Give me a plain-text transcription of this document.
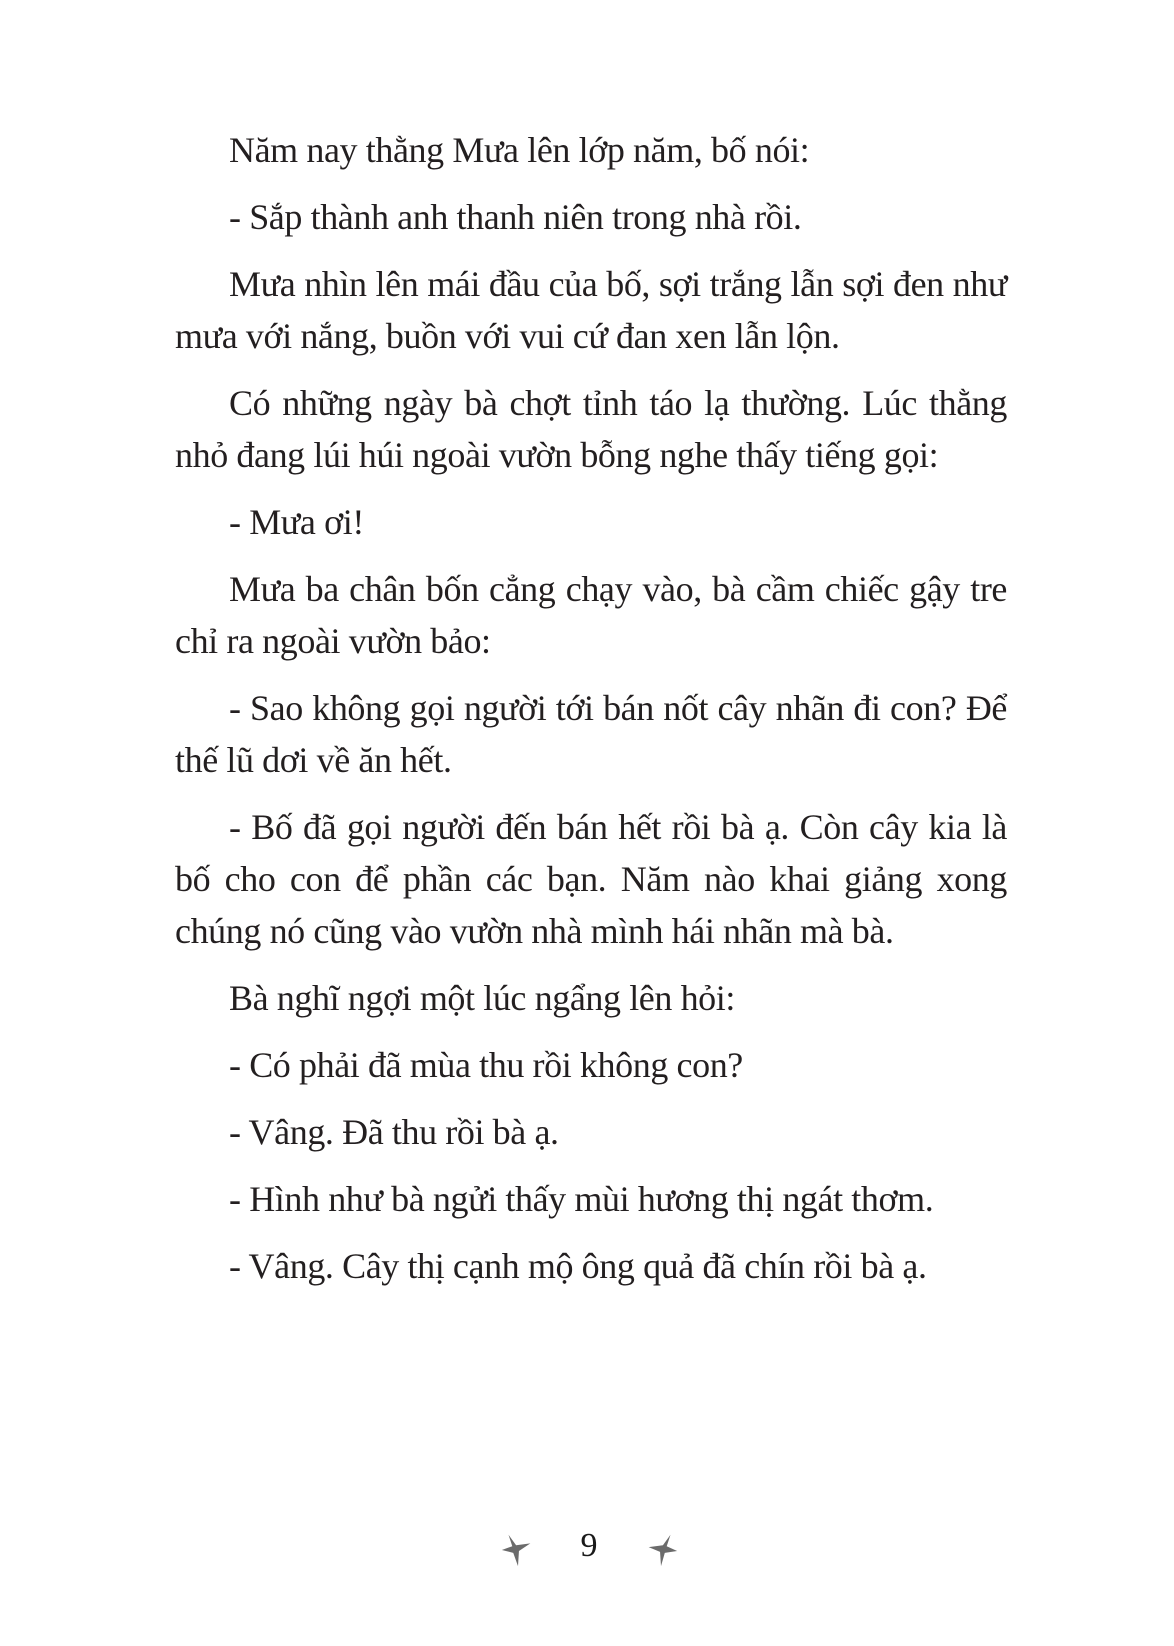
Năm nay thằng Mưa lên lớp năm, bố nói:

- Sắp thành anh thanh niên trong nhà rồi.

Mưa nhìn lên mái đầu của bố, sợi trắng lẫn sợi đen như mưa với nắng, buồn với vui cứ đan xen lẫn lộn.

Có những ngày bà chợt tỉnh táo lạ thường. Lúc thằng nhỏ đang lúi húi ngoài vườn bỗng nghe thấy tiếng gọi:

- Mưa ơi!

Mưa ba chân bốn cẳng chạy vào, bà cầm chiếc gậy tre chỉ ra ngoài vườn bảo:

- Sao không gọi người tới bán nốt cây nhãn đi con? Để thế lũ dơi về ăn hết.

- Bố đã gọi người đến bán hết rồi bà ạ. Còn cây kia là bố cho con để phần các bạn. Năm nào khai giảng xong chúng nó cũng vào vườn nhà mình hái nhãn mà bà.

Bà nghĩ ngợi một lúc ngẩng lên hỏi:

- Có phải đã mùa thu rồi không con?

- Vâng. Đã thu rồi bà ạ.

- Hình như bà ngửi thấy mùi hương thị ngát thơm.

- Vâng. Cây thị cạnh mộ ông quả đã chín rồi bà ạ.

9
